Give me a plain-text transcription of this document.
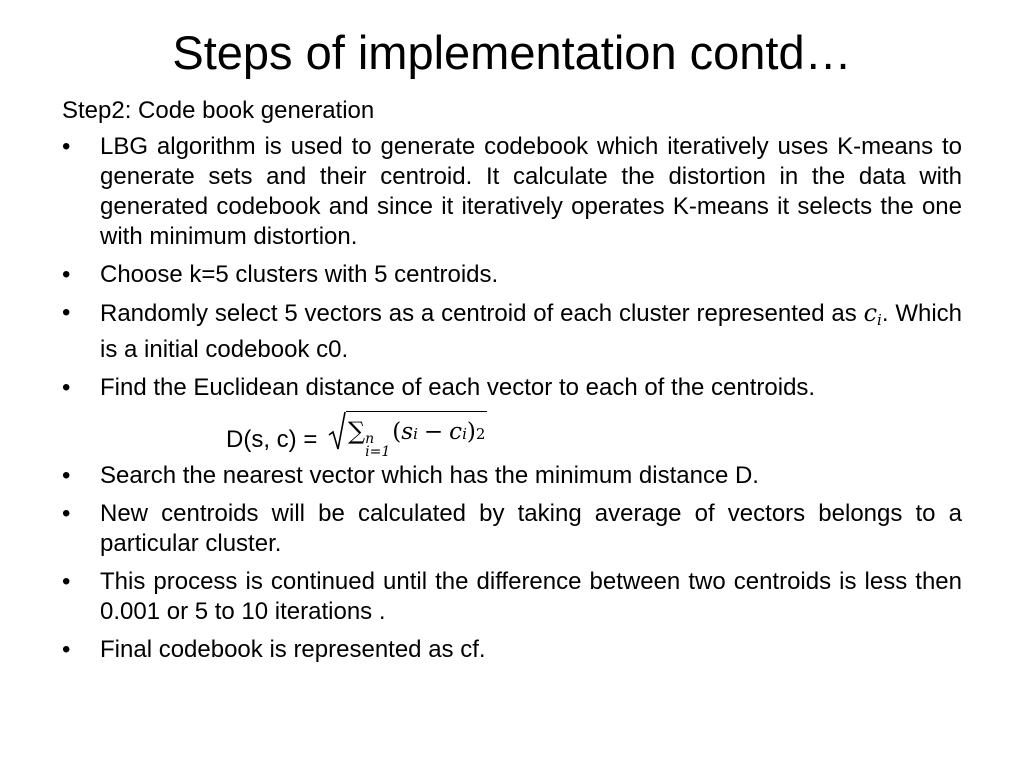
Steps of implementation contd…
Step2: Code book generation
•	LBG algorithm is used to generate codebook which iteratively uses K-means to generate sets and their centroid. It calculate the distortion in the data with generated codebook and since it iteratively operates K-means it selects the one with minimum distortion.
•	Choose k=5 clusters with 5 centroids.
•	Randomly select 5 vectors as a centroid of each cluster represented as $c_i$. Which is a initial codebook c0.
•	Find the Euclidean distance of each vector to each of the centroids.
D(s, c) = ∑ n
i=1
( s i − c i ) 2
•	Search the nearest vector which has the minimum distance D.
•	New centroids will be calculated by taking average of vectors belongs to a particular cluster.
•	This process is continued until the difference between two centroids is less then 0.001 or 5 to 10 iterations .
•	Final codebook is represented as cf.
